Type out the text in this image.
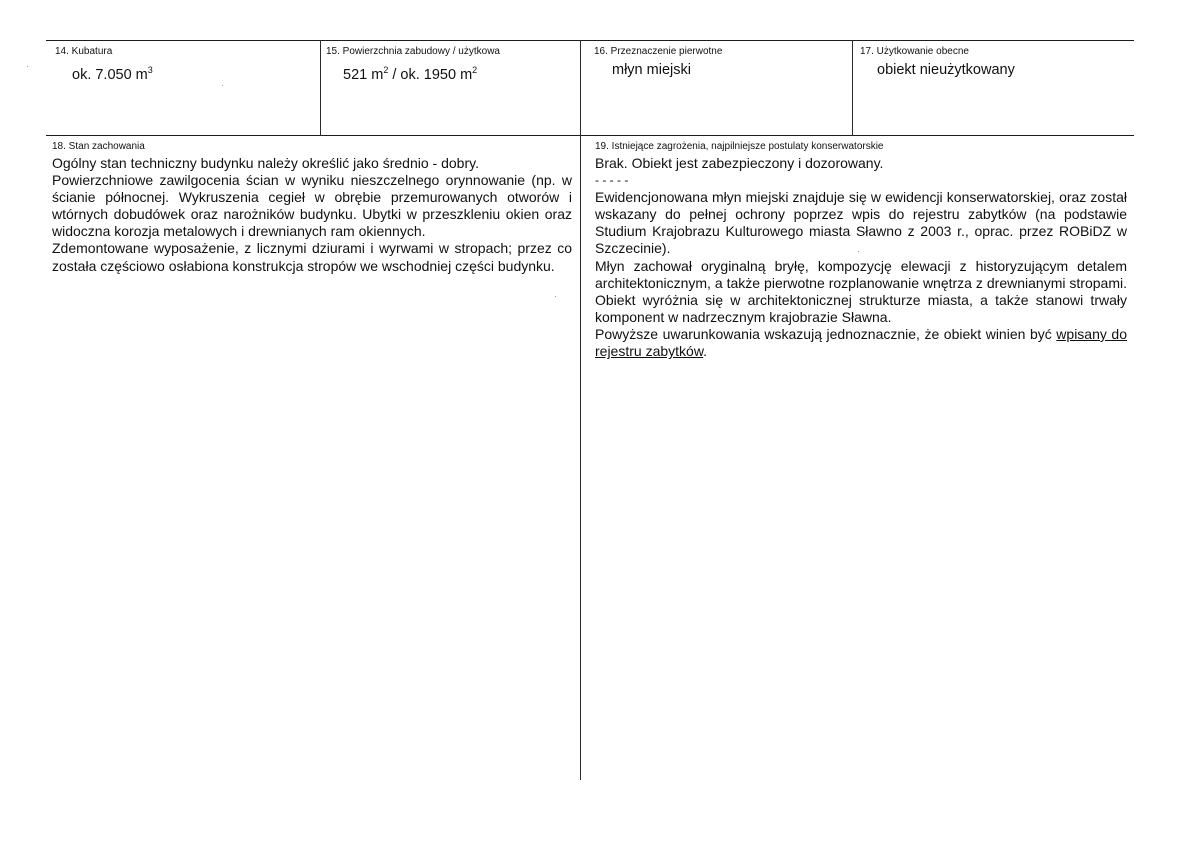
14. Kubatura
ok. 7.050 $m^3$
15. Powierzchnia zabudowy / użytkowa
521 $m^2$ / ok. 1950 $m^2$
16. Przeznaczenie pierwotne
młyn miejski
17. Użytkowanie obecne
obiekt nieużytkowany
18. Stan zachowania

Ogólny stan techniczny budynku należy określić jako średnio - dobry.

Powierzchniowe zawilgocenia ścian w wyniku nieszczelnego orynnowanie (np. w ścianie północnej. Wykruszenia cegieł w obrębie przemurowanych otworów i wtórnych dobudówek oraz narożników budynku. Ubytki w przeszkleniu okien oraz widoczna korozja metalowych i drewnianych ram okiennych.

Zdemontowane wyposażenie, z licznymi dziurami i wyrwami w stropach; przez co została częściowo osłabiona konstrukcja stropów we wschodniej części budynku.

19. Istniejące zagrożenia, najpilniejsze postulaty konserwatorskie

Brak. Obiekt jest zabezpieczony i dozorowany.

- - - - -

Ewidencjonowana młyn miejski znajduje się w ewidencji konserwatorskiej, oraz został wskazany do pełnej ochrony poprzez wpis do rejestru zabytków (na podstawie Studium Krajobrazu Kulturowego miasta Sławno z 2003 r., oprac. przez ROBiDZ w Szczecinie).

Młyn zachował oryginalną bryłę, kompozycję elewacji z historyzującym detalem architektonicznym, a także pierwotne rozplanowanie wnętrza z drewnianymi stropami. Obiekt wyróżnia się w architektonicznej strukturze miasta, a także stanowi trwały komponent w nadrzecznym krajobrazie Sławna.

Powyższe uwarunkowania wskazują jednoznacznie, że obiekt winien być wpisany do rejestru zabytków.
